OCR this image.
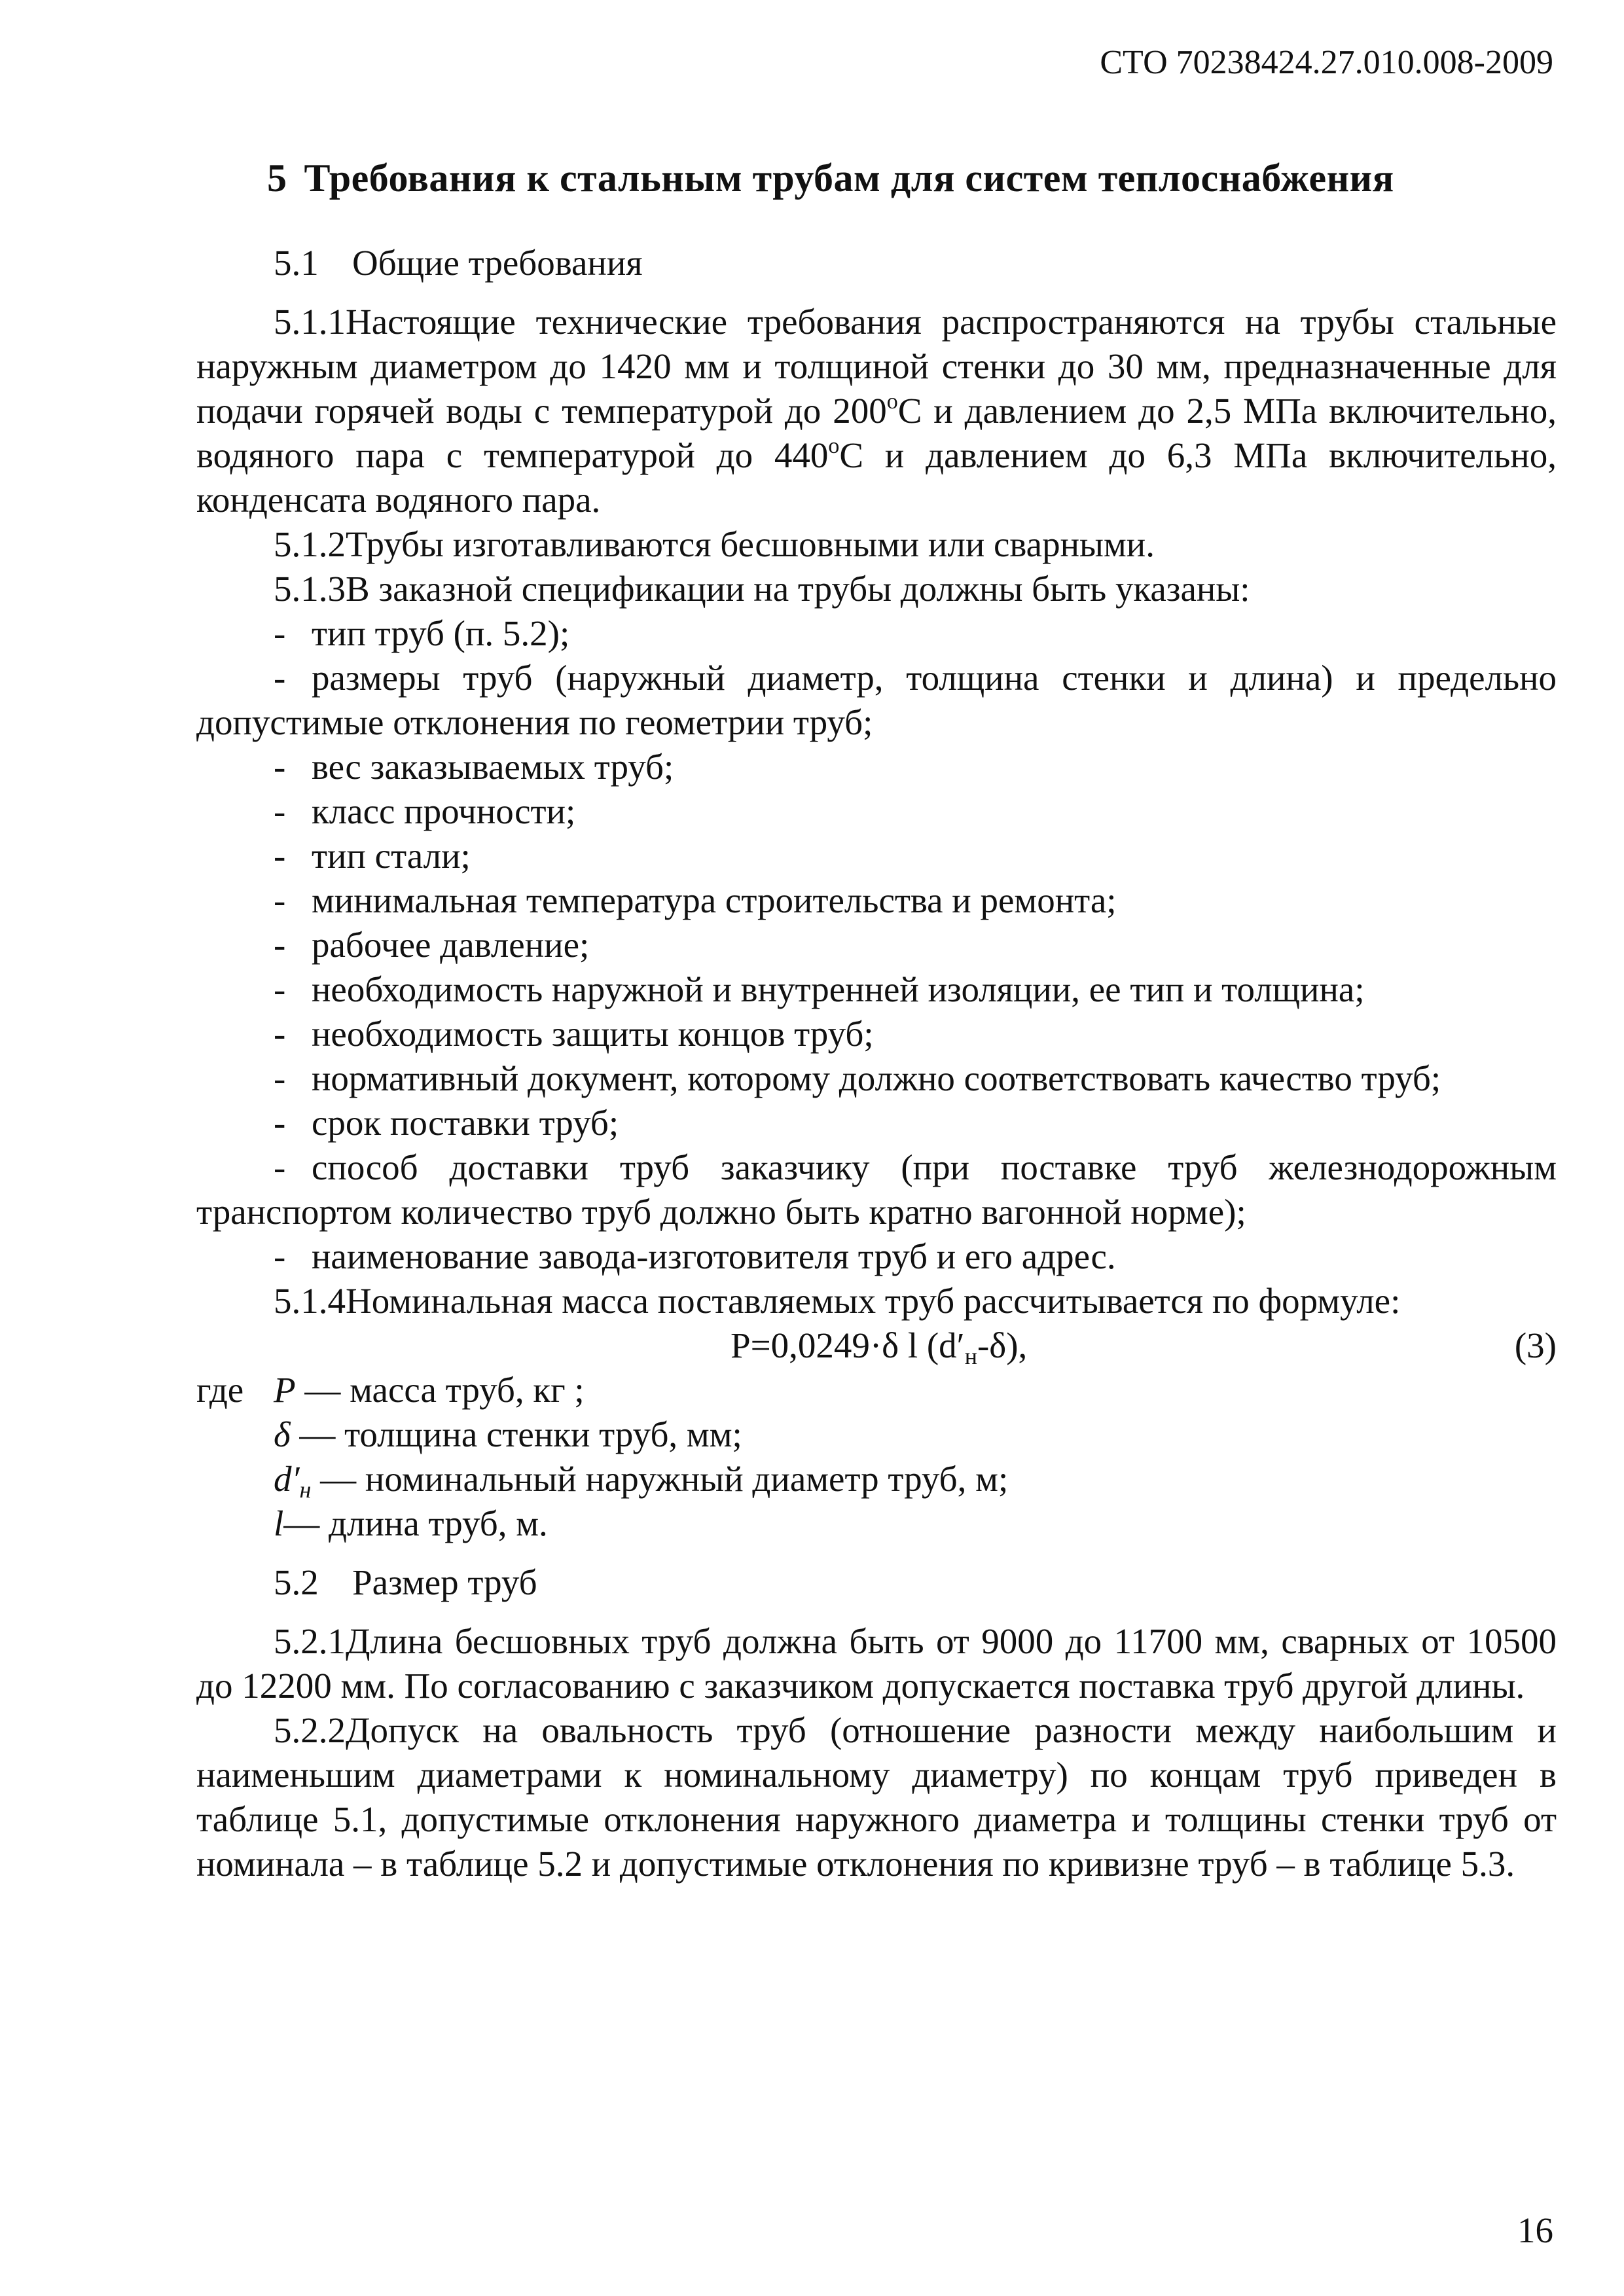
СТО 70238424.27.010.008-2009
5 Требования к стальным трубам для систем теплоснабжения

5.1 Общие требования

5.1.1Настоящие технические требования распространяются на трубы стальные наружным диаметром до 1420 мм и толщиной стенки до 30 мм, предназначенные для подачи горячей воды с температурой до $200^оС$ и давлением до 2,5 МПа включительно, водяного пара с температурой до $440^оС$ и давлением до 6,3 МПа включительно, конденсата водяного пара.

5.1.2Трубы изготавливаются бесшовными или сварными.

5.1.3В заказной спецификации на трубы должны быть указаны:

- тип труб (п. 5.2);

- размеры труб (наружный диаметр, толщина стенки и длина) и предельно допустимые отклонения по геометрии труб;

- вес заказываемых труб;

- класс прочности;

- тип стали;

- минимальная температура строительства и ремонта;

- рабочее давление;

- необходимость наружной и внутренней изоляции, ее тип и толщина;

- необходимость защиты концов труб;

- нормативный документ, которому должно соответствовать качество труб;

- срок поставки труб;

- способ доставки труб заказчику (при поставке труб железнодорожным транспортом количество труб должно быть кратно вагонной норме);

- наименование завода-изготовителя труб и его адрес.

5.1.4Номинальная масса поставляемых труб рассчитывается по формуле:

P=0,0249·δ l $(d'_н-\delta)$,	(3)
где P — масса труб, кг ;

δ — толщина стенки труб, мм;

$d'_н$ — номинальный наружный диаметр труб, м;

l— длина труб, м.

5.2 Размер труб

5.2.1Длина бесшовных труб должна быть от 9000 до 11700 мм, сварных от 10500 до 12200 мм. По согласованию с заказчиком допускается поставка труб другой длины.

5.2.2Допуск на овальность труб (отношение разности между наибольшим и наименьшим диаметрами к номинальному диаметру) по концам труб приведен в таблице 5.1, допустимые отклонения наружного диаметра и толщины стенки труб от номинала – в таблице 5.2 и допустимые отклонения по кривизне труб – в таблице 5.3.

16
